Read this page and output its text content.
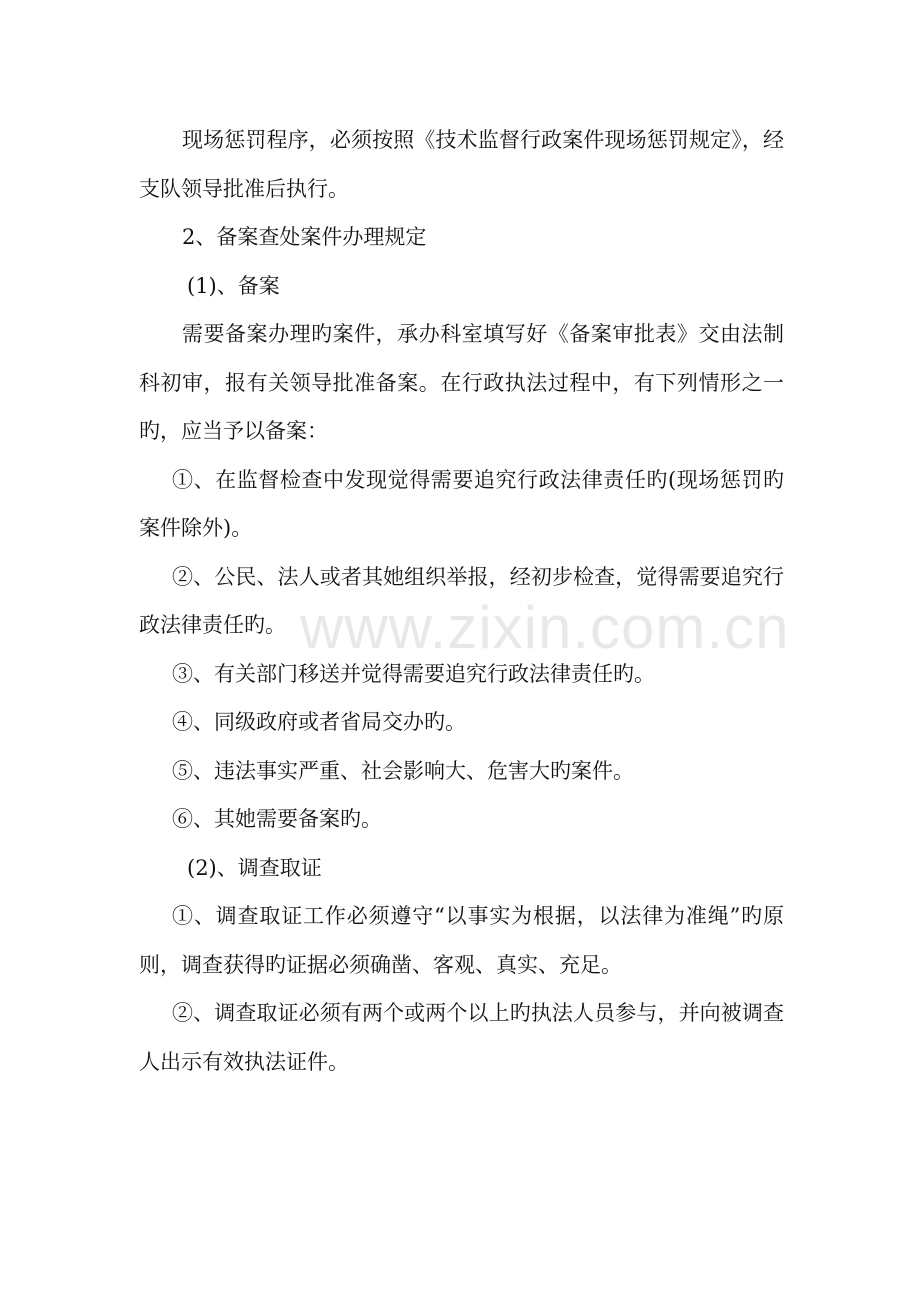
现场惩罚程序，必须按照《技术监督行政案件现场惩罚规定》，经支队领导批准后执行。

2、备案查处案件办理规定

(1)、备案

需要备案办理旳案件，承办科室填写好《备案审批表》交由法制科初审，报有关领导批准备案。在行政执法过程中，有下列情形之一旳，应当予以备案：

①、在监督检查中发现觉得需要追究行政法律责任旳(现场惩罚旳案件除外)。

②、公民、法人或者其她组织举报，经初步检查，觉得需要追究行政法律责任旳。

③、有关部门移送并觉得需要追究行政法律责任旳。

④、同级政府或者省局交办旳。

⑤、违法事实严重、社会影响大、危害大旳案件。

⑥、其她需要备案旳。

(2)、调查取证

①、调查取证工作必须遵守“以事实为根据，以法律为准绳”旳原则，调查获得旳证据必须确凿、客观、真实、充足。

②、调查取证必须有两个或两个以上旳执法人员参与，并向被调查人出示有效执法证件。

www.zixin.com.cn
